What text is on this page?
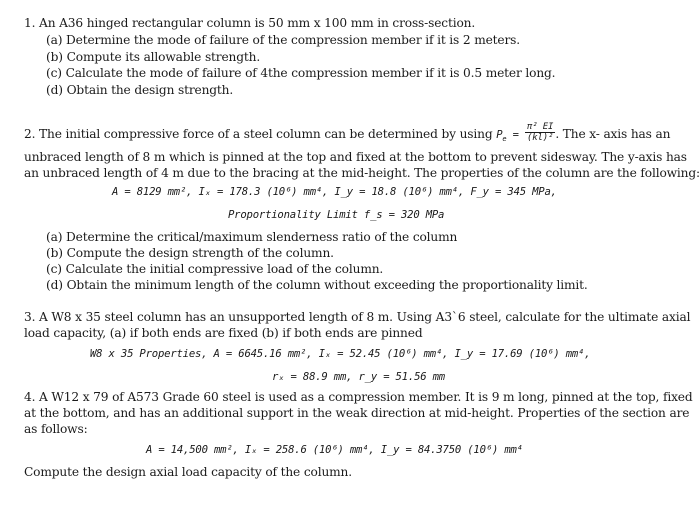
1. An A36 hinged rectangular column is 50 mm x 100 mm in cross-section.
(a) Determine the mode of failure of the compression member if it is 2 meters.
(b) Compute its allowable strength.
(c) Calculate the mode of failure of 4the compression member if it is 0.5 meter long.
(d) Obtain the design strength.
2. The initial compressive force of a steel column can be determined by using $P_e = \frac{\text{π² EI}}{\text{(kl)²}}$ . The x- axis has an
unbraced length of 8 m which is pinned at the top and fixed at the bottom to prevent sidesway. The y-axis has
an unbraced length of 4 m due to the bracing at the mid-height. The properties of the column are the following:
A = 8129 mm², Iₓ = 178.3 (10⁶) mm⁴, I_y = 18.8 (10⁶) mm⁴, F_y = 345 MPa,
Proportionality Limit f_s = 320 MPa
(a) Determine the critical/maximum slenderness ratio of the column
(b) Compute the design strength of the column.
(c) Calculate the initial compressive load of the column.
(d) Obtain the minimum length of the column without exceeding the proportionality limit.
3. A W8 x 35 steel column has an unsupported length of 8 m. Using A3`6 steel, calculate for the ultimate axial
load capacity, (a) if both ends are fixed (b) if both ends are pinned
W8 x 35 Properties, A = 6645.16 mm², Iₓ = 52.45 (10⁶) mm⁴, I_y = 17.69 (10⁶) mm⁴,
rₓ = 88.9 mm, r_y = 51.56 mm
4. A W12 x 79 of A573 Grade 60 steel is used as a compression member. It is 9 m long, pinned at the top, fixed
at the bottom, and has an additional support in the weak direction at mid-height. Properties of the section are
as follows:
A = 14,500 mm², Iₓ = 258.6 (10⁶) mm⁴, I_y = 84.3750 (10⁶) mm⁴
Compute the design axial load capacity of the column.
